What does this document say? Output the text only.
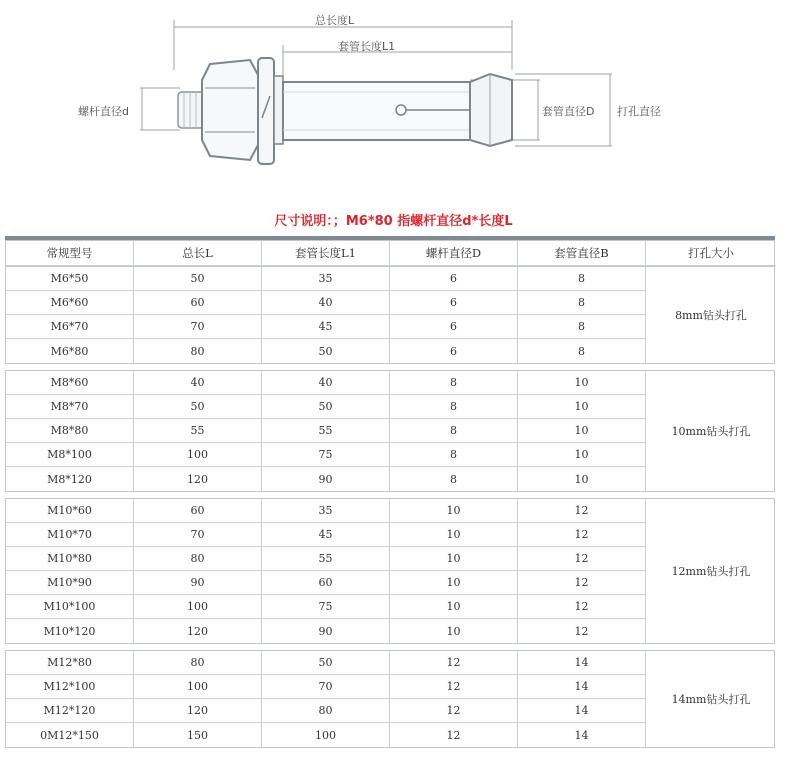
总长度L
套管长度L1
螺杆直径d	套管直径D 打孔直径
尺寸说明：；M6*80 指螺杆直径d*长度L
常规型号	总长L	套管长度L1	螺杆直径D	套管直径B	打孔大小
M6*50	50	35	6	8
M6*60	60	40	6	8
M6*70	70	45	6	8
M6*80	80	50	6	8
8mm钻头打孔
M8*60	40	40	8	10
M8*70	50	50	8	10
M8*80	55	55	8	10
M8*100	100	75	8	10
M8*120	120	90	8	10
10mm钻头打孔
M10*60	60	35	10	12
M10*70	70	45	10	12
M10*80	80	55	10	12
M10*90	90	60	10	12
M10*100	100	75	10	12
M10*120	120	90	10	12
12mm钻头打孔
M12*80	80	50	12	14
M12*100	100	70	12	14
M12*120	120	80	12	14
0M12*150	150	100	12	14
14mm钻头打孔
